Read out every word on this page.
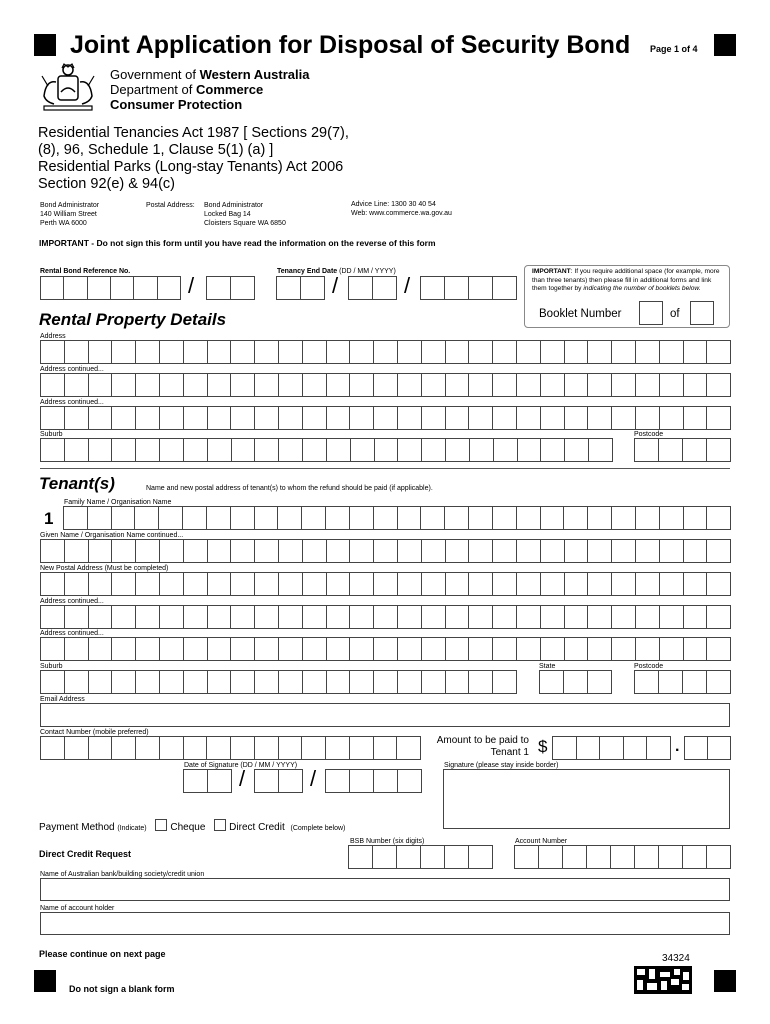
Joint Application for Disposal of Security Bond Page 1 of 4
Government of Western Australia
Department of Commerce
Consumer Protection
Residential Tenancies Act 1987 [ Sections 29(7),
(8), 96, Schedule 1, Clause 5(1) (a) ]
Residential Parks (Long-stay Tenants) Act 2006
Section 92(e) & 94(c)
Bond Administrator
140 William Street
Perth WA 6000
Postal Address: Bond Administrator
Locked Bag 14
Cloisters Square WA 6850
Advice Line: 1300 30 40 54
Web: www.commerce.wa.gov.au
IMPORTANT - Do not sign this form until you have read the information on the reverse of this form
Rental Bond Reference No.
/
Tenancy End Date (DD / MM / YYYY)
/	/
IMPORTANT: If you require additional space (for example, more than three tenants) then please fill in additional forms and link them together by indicating the number of booklets below.
Booklet Number	of
Rental Property Details
Address
Address continued...
Address continued...
Suburb	Postcode
Tenant(s)	Name and new postal address of tenant(s) to whom the refund should be paid (if applicable).
Family Name / Organisation Name
1
Given Name / Organisation Name continued...
New Postal Address (Must be completed)
Address continued...
Address continued...
Suburb	State	Postcode
Email Address
Contact Number (mobile preferred)
Amount to be paid to
Tenant 1 $	.
Date of Signature (DD / MM / YYYY)
/	/
Signature (please stay inside border)
Payment Method (Indicate) Cheque Direct Credit (Complete below)
BSB Number (six digits)	Account Number
Direct Credit Request
Name of Australian bank/building society/credit union
Name of account holder
Please continue on next page	34324
Do not sign a blank form
